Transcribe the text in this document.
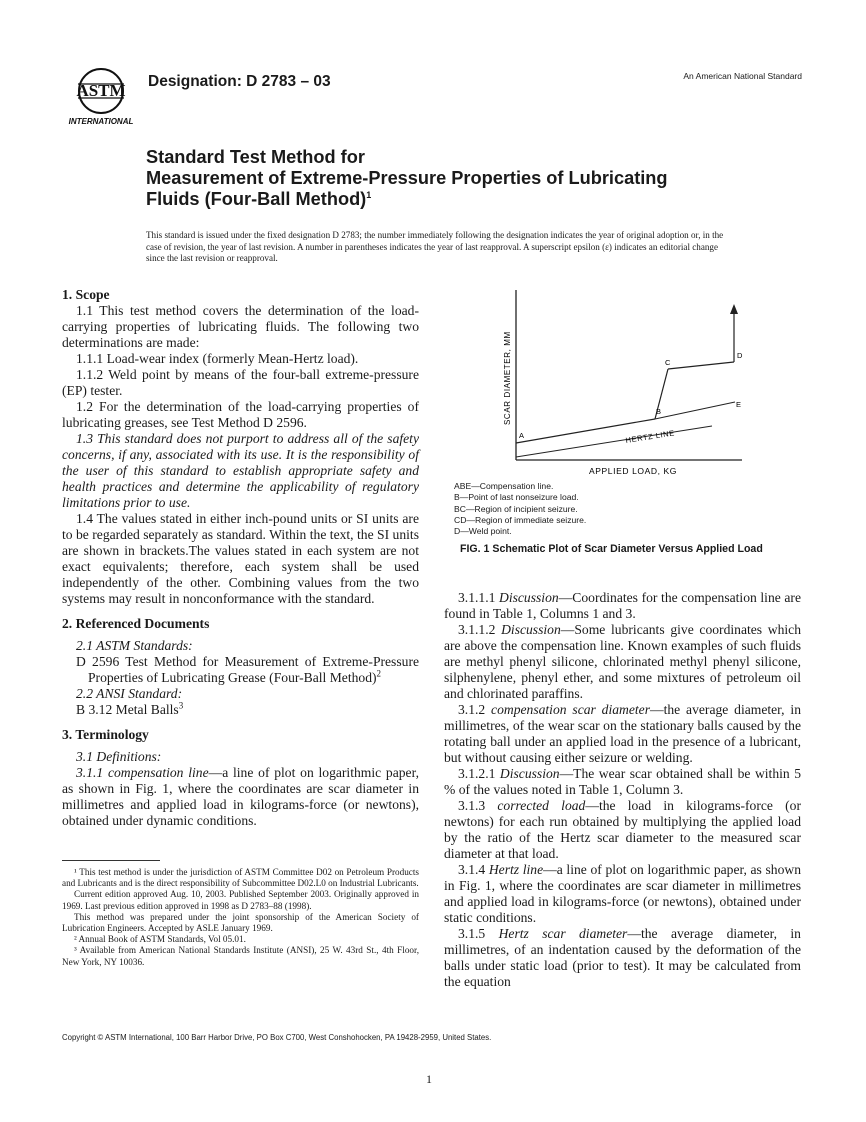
ASTM
INTERNATIONAL
Designation: D 2783 – 03	An American National Standard
Standard Test Method for
Measurement of Extreme-Pressure Properties of Lubricating
Fluids (Four-Ball Method)$^1$
This standard is issued under the fixed designation D 2783; the number immediately following the designation indicates the year of original adoption or, in the case of revision, the year of last revision. A number in parentheses indicates the year of last reapproval. A superscript epsilon (ε) indicates an editorial change since the last revision or reapproval.

1. Scope

1.1 This test method covers the determination of the load-carrying properties of lubricating fluids. The following two determinations are made:

1.1.1 Load-wear index (formerly Mean-Hertz load).

1.1.2 Weld point by means of the four-ball extreme-pressure (EP) tester.

1.2 For the determination of the load-carrying properties of lubricating greases, see Test Method D 2596.

1.3 This standard does not purport to address all of the safety concerns, if any, associated with its use. It is the responsibility of the user of this standard to establish appropriate safety and health practices and determine the applicability of regulatory limitations prior to use.

1.4 The values stated in either inch-pound units or SI units are to be regarded separately as standard. Within the text, the SI units are shown in brackets.The values stated in each system are not exact equivalents; therefore, each system shall be used independently of the other. Combining values from the two systems may result in nonconformance with the standard.

2. Referenced Documents

2.1 ASTM Standards:

D 2596 Test Method for Measurement of Extreme-Pressure Properties of Lubricating Grease (Four-Ball Method)$^2$

2.2 ANSI Standard:

B 3.12 Metal Balls$^3$

3. Terminology

3.1 Definitions:

3.1.1 compensation line—a line of plot on logarithmic paper, as shown in Fig. 1, where the coordinates are scar diameter in millimetres and applied load in kilograms-force (or newtons), obtained under dynamic conditions.

¹ This test method is under the jurisdiction of ASTM Committee D02 on Petroleum Products and Lubricants and is the direct responsibility of Subcommittee D02.L0 on Industrial Lubricants.

Current edition approved Aug. 10, 2003. Published September 2003. Originally approved in 1969. Last previous edition approved in 1998 as D 2783–88 (1998).

This method was prepared under the joint sponsorship of the American Society of Lubrication Engineers. Accepted by ASLE January 1969.

² Annual Book of ASTM Standards, Vol 05.01.

³ Available from American National Standards Institute (ANSI), 25 W. 43rd St., 4th Floor, New York, NY 10036.

A
B
C
D
E
HERTZ LINE
APPLIED LOAD, KG
SCAR DIAMETER, MM
ABE—Compensation line.
B—Point of last nonseizure load.
BC—Region of incipient seizure.
CD—Region of immediate seizure.
D—Weld point.
FIG. 1 Schematic Plot of Scar Diameter Versus Applied Load

3.1.1.1 Discussion—Coordinates for the compensation line are found in Table 1, Columns 1 and 3.

3.1.1.2 Discussion—Some lubricants give coordinates which are above the compensation line. Known examples of such fluids are methyl phenyl silicone, chlorinated methyl phenyl silicone, silphenylene, phenyl ether, and some mixtures of petroleum oil and chlorinated paraffins.

3.1.2 compensation scar diameter—the average diameter, in millimetres, of the wear scar on the stationary balls caused by the rotating ball under an applied load in the presence of a lubricant, but without causing either seizure or welding.

3.1.2.1 Discussion—The wear scar obtained shall be within 5 % of the values noted in Table 1, Column 3.

3.1.3 corrected load—the load in kilograms-force (or newtons) for each run obtained by multiplying the applied load by the ratio of the Hertz scar diameter to the measured scar diameter at that load.

3.1.4 Hertz line—a line of plot on logarithmic paper, as shown in Fig. 1, where the coordinates are scar diameter in millimetres and applied load in kilograms-force (or newtons), obtained under static conditions.

3.1.5 Hertz scar diameter—the average diameter, in millimetres, of an indentation caused by the deformation of the balls under static load (prior to test). It may be calculated from the equation

Copyright © ASTM International, 100 Barr Harbor Drive, PO Box C700, West Conshohocken, PA 19428-2959, United States.
1
